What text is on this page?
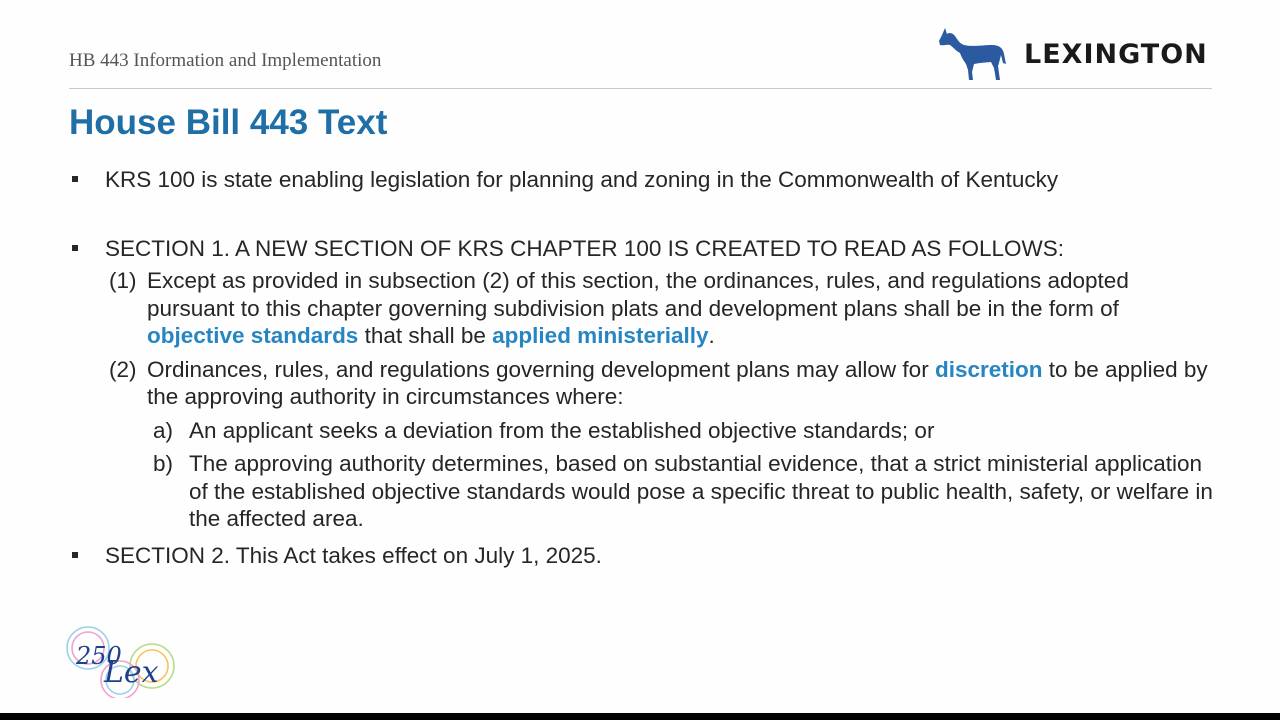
HB 443 Information and Implementation	LEXINGTON
House Bill 443 Text
KRS 100 is state enabling legislation for planning and zoning in the Commonwealth of Kentucky
SECTION 1. A NEW SECTION OF KRS CHAPTER 100 IS CREATED TO READ AS FOLLOWS:
(1) Except as provided in subsection (2) of this section, the ordinances, rules, and regulations adopted pursuant to this chapter governing subdivision plats and development plans shall be in the form of objective standards that shall be applied ministerially.
(2) Ordinances, rules, and regulations governing development plans may allow for discretion to be applied by the approving authority in circumstances where:
a) An applicant seeks a deviation from the established objective standards; or
b) The approving authority determines, based on substantial evidence, that a strict ministerial application of the established objective standards would pose a specific threat to public health, safety, or welfare in the affected area.
SECTION 2. This Act takes effect on July 1, 2025.
250
Lex
